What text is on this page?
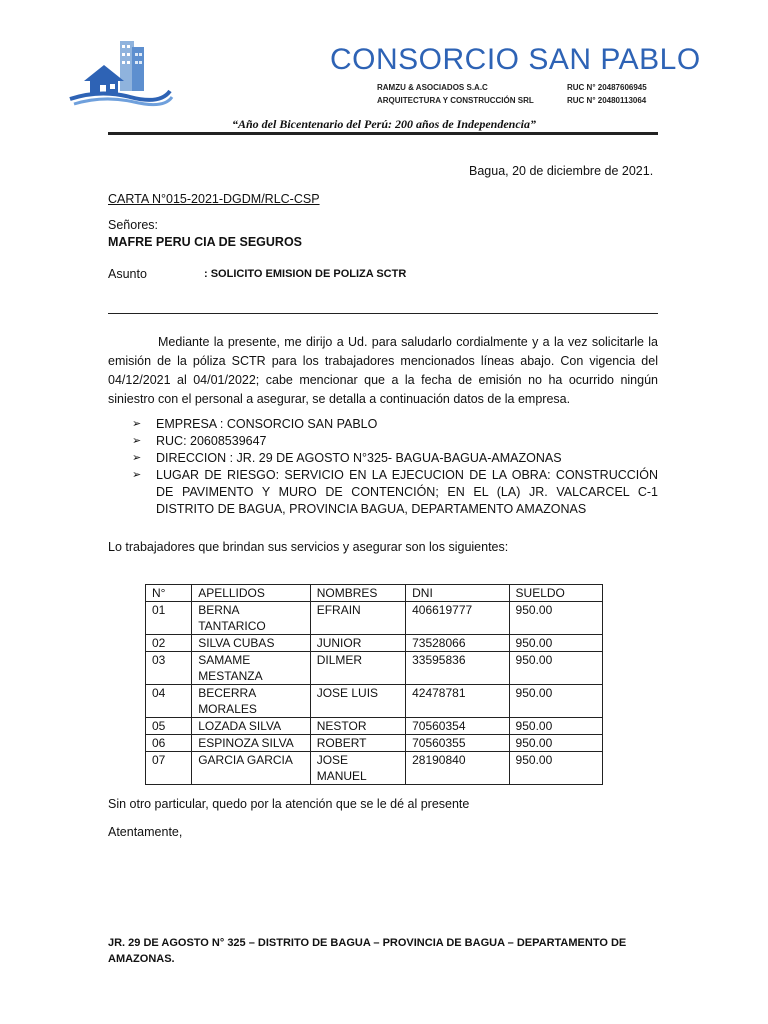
CONSORCIO SAN PABLO
RAMZU & ASOCIADOS S.A.C	RUC N° 20487606945
ARQUITECTURA Y CONSTRUCCIÓN SRL	RUC N° 20480113064
“Año del Bicentenario del Perú: 200 años de Independencia”
Bagua, 20 de diciembre de 2021.
CARTA N°015-2021-DGDM/RLC-CSP
Señores:
MAFRE PERU CIA DE SEGUROS
Asunto	: SOLICITO EMISION DE POLIZA SCTR

Mediante la presente, me dirijo a Ud. para saludarlo cordialmente y a la vez solicitarle la emisión de la póliza SCTR para los trabajadores mencionados líneas abajo. Con vigencia del 04/12/2021 al 04/01/2022; cabe mencionar que a la fecha de emisión no ha ocurrido ningún siniestro con el personal a asegurar, se detalla a continuación datos de la empresa.

➢ EMPRESA : CONSORCIO SAN PABLO
➢ RUC: 20608539647
➢ DIRECCION : JR. 29 DE AGOSTO N°325- BAGUA-BAGUA-AMAZONAS
➢ LUGAR DE RIESGO: SERVICIO EN LA EJECUCION DE LA OBRA: CONSTRUCCIÓN DE PAVIMENTO Y MURO DE CONTENCIÓN; EN EL (LA) JR. VALCARCEL C-1 DISTRITO DE BAGUA, PROVINCIA BAGUA, DEPARTAMENTO AMAZONAS
Lo trabajadores que brindan sus servicios y asegurar son los siguientes:
N°	APELLIDOS	NOMBRES	DNI	SUELDO
01	BERNA TANTARICO	EFRAIN	406619777	950.00
02	SILVA CUBAS	JUNIOR	73528066	950.00
03	SAMAME MESTANZA	DILMER	33595836	950.00
04	BECERRA MORALES	JOSE LUIS	42478781	950.00
05	LOZADA SILVA	NESTOR	70560354	950.00
06	ESPINOZA SILVA	ROBERT	70560355	950.00
07	GARCIA GARCIA	JOSE MANUEL	28190840	950.00
Sin otro particular, quedo por la atención que se le dé al presente
Atentamente,
JR. 29 DE AGOSTO N° 325 – DISTRITO DE BAGUA – PROVINCIA DE BAGUA – DEPARTAMENTO DE AMAZONAS.
